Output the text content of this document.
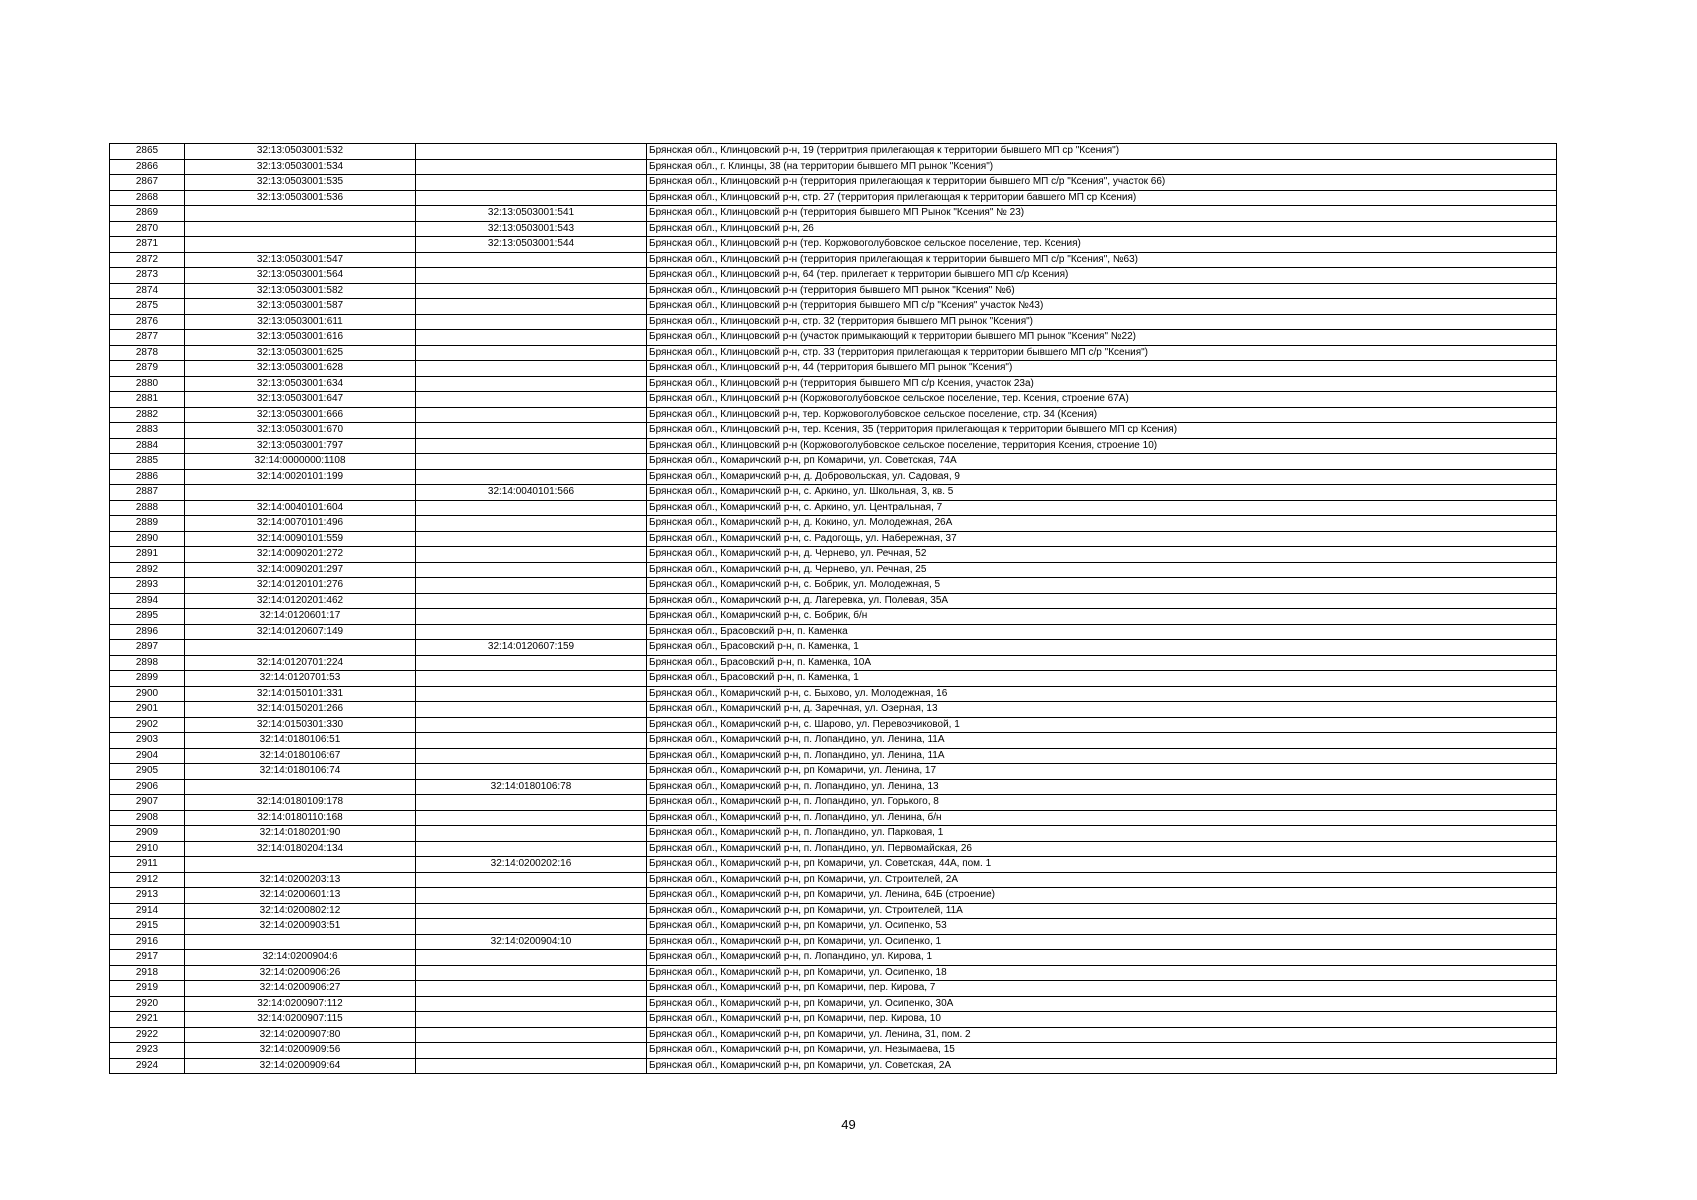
2865	32:13:0503001:532		Брянская обл., Клинцовский р-н, 19 (территрия прилегающая к территории бывшего МП ср "Ксения")
2866	32:13:0503001:534		Брянская обл., г. Клинцы, 38 (на территории бывшего МП рынок "Ксения")
2867	32:13:0503001:535		Брянская обл., Клинцовский р-н (территория прилегающая к территории бывшего МП с/р "Ксения", участок 66)
2868	32:13:0503001:536		Брянская обл., Клинцовский р-н, стр. 27 (территория прилегающая к территории бавшего МП ср Ксения)
2869		32:13:0503001:541	Брянская обл., Клинцовский р-н (территория бывшего МП Рынок "Ксения" № 23)
2870		32:13:0503001:543	Брянская обл., Клинцовский р-н, 26
2871		32:13:0503001:544	Брянская обл., Клинцовский р-н (тер. Коржовоголубовское сельское поселение, тер. Ксения)
2872	32:13:0503001:547		Брянская обл., Клинцовский р-н (территория прилегающая к территории бывшего МП с/р "Ксения", №63)
2873	32:13:0503001:564		Брянская обл., Клинцовский р-н, 64 (тер. прилегает к территории бывшего МП с/р Ксения)
2874	32:13:0503001:582		Брянская обл., Клинцовский р-н (территория бывшего МП рынок "Ксения" №6)
2875	32:13:0503001:587		Брянская обл., Клинцовский р-н (территория бывшего МП с/р "Ксения" участок №43)
2876	32:13:0503001:611		Брянская обл., Клинцовский р-н, стр. 32 (территория бывшего МП рынок "Ксения")
2877	32:13:0503001:616		Брянская обл., Клинцовский р-н (участок примыкающий к территории бывшего МП рынок "Ксения" №22)
2878	32:13:0503001:625		Брянская обл., Клинцовский р-н, стр. 33 (территория прилегающая к территории бывшего МП с/р "Ксения")
2879	32:13:0503001:628		Брянская обл., Клинцовский р-н, 44 (территория бывшего МП рынок "Ксения")
2880	32:13:0503001:634		Брянская обл., Клинцовский р-н (территория бывшего МП с/р Ксения, участок 23а)
2881	32:13:0503001:647		Брянская обл., Клинцовский р-н (Коржовоголубовское сельское поселение, тер. Ксения, строение 67А)
2882	32:13:0503001:666		Брянская обл., Клинцовский р-н, тер. Коржовоголубовское сельское поселение, стр. 34 (Ксения)
2883	32:13:0503001:670		Брянская обл., Клинцовский р-н, тер. Ксения, 35 (территория прилегающая к территории бывшего МП ср Ксения)
2884	32:13:0503001:797		Брянская обл., Клинцовский р-н (Коржовоголубовское сельское поселение, территория Ксения, строение 10)
2885	32:14:0000000:1108		Брянская обл., Комаричский р-н, рп Комаричи, ул. Советская, 74А
2886	32:14:0020101:199		Брянская обл., Комаричский р-н, д. Добровольская, ул. Садовая, 9
2887		32:14:0040101:566	Брянская обл., Комаричский р-н, с. Аркино, ул. Школьная, 3, кв. 5
2888	32:14:0040101:604		Брянская обл., Комаричский р-н, с. Аркино, ул. Центральная, 7
2889	32:14:0070101:496		Брянская обл., Комаричский р-н, д. Кокино, ул. Молодежная, 26А
2890	32:14:0090101:559		Брянская обл., Комаричский р-н, с. Радогощь, ул. Набережная, 37
2891	32:14:0090201:272		Брянская обл., Комаричский р-н, д. Чернево, ул. Речная, 52
2892	32:14:0090201:297		Брянская обл., Комаричский р-н, д. Чернево, ул. Речная, 25
2893	32:14:0120101:276		Брянская обл., Комаричский р-н, с. Бобрик, ул. Молодежная, 5
2894	32:14:0120201:462		Брянская обл., Комаричский р-н, д. Лагеревка, ул. Полевая, 35А
2895	32:14:0120601:17		Брянская обл., Комаричский р-н, с. Бобрик, б/н
2896	32:14:0120607:149		Брянская обл., Брасовский р-н, п. Каменка
2897		32:14:0120607:159	Брянская обл., Брасовский р-н, п. Каменка, 1
2898	32:14:0120701:224		Брянская обл., Брасовский р-н, п. Каменка, 10А
2899	32:14:0120701:53		Брянская обл., Брасовский р-н, п. Каменка, 1
2900	32:14:0150101:331		Брянская обл., Комаричский р-н, с. Быхово, ул. Молодежная, 16
2901	32:14:0150201:266		Брянская обл., Комаричский р-н, д. Заречная, ул. Озерная, 13
2902	32:14:0150301:330		Брянская обл., Комаричский р-н, с. Шарово, ул. Перевозчиковой, 1
2903	32:14:0180106:51		Брянская обл., Комаричский р-н, п. Лопандино, ул. Ленина, 11А
2904	32:14:0180106:67		Брянская обл., Комаричский р-н, п. Лопандино, ул. Ленина, 11А
2905	32:14:0180106:74		Брянская обл., Комаричский р-н, рп Комаричи, ул. Ленина, 17
2906		32:14:0180106:78	Брянская обл., Комаричский р-н, п. Лопандино, ул. Ленина, 13
2907	32:14:0180109:178		Брянская обл., Комаричский р-н, п. Лопандино, ул. Горького, 8
2908	32:14:0180110:168		Брянская обл., Комаричский р-н, п. Лопандино, ул. Ленина, б/н
2909	32:14:0180201:90		Брянская обл., Комаричский р-н, п. Лопандино, ул. Парковая, 1
2910	32:14:0180204:134		Брянская обл., Комаричский р-н, п. Лопандино, ул. Первомайская, 26
2911		32:14:0200202:16	Брянская обл., Комаричский р-н, рп Комаричи, ул. Советская, 44А, пом. 1
2912	32:14:0200203:13		Брянская обл., Комаричский р-н, рп Комаричи, ул. Строителей, 2А
2913	32:14:0200601:13		Брянская обл., Комаричский р-н, рп Комаричи, ул. Ленина, 64Б (строение)
2914	32:14:0200802:12		Брянская обл., Комаричский р-н, рп Комаричи, ул. Строителей, 11А
2915	32:14:0200903:51		Брянская обл., Комаричский р-н, рп Комаричи, ул. Осипенко, 53
2916		32:14:0200904:10	Брянская обл., Комаричский р-н, рп Комаричи, ул. Осипенко, 1
2917	32:14:0200904:6		Брянская обл., Комаричский р-н, п. Лопандино, ул. Кирова, 1
2918	32:14:0200906:26		Брянская обл., Комаричский р-н, рп Комаричи, ул. Осипенко, 18
2919	32:14:0200906:27		Брянская обл., Комаричский р-н, рп Комаричи, пер. Кирова, 7
2920	32:14:0200907:112		Брянская обл., Комаричский р-н, рп Комаричи, ул. Осипенко, 30А
2921	32:14:0200907:115		Брянская обл., Комаричский р-н, рп Комаричи, пер. Кирова, 10
2922	32:14:0200907:80		Брянская обл., Комаричский р-н, рп Комаричи, ул. Ленина, 31, пом. 2
2923	32:14:0200909:56		Брянская обл., Комаричский р-н, рп Комаричи, ул. Незымаева, 15
2924	32:14:0200909:64		Брянская обл., Комаричский р-н, рп Комаричи, ул. Советская, 2А
49
